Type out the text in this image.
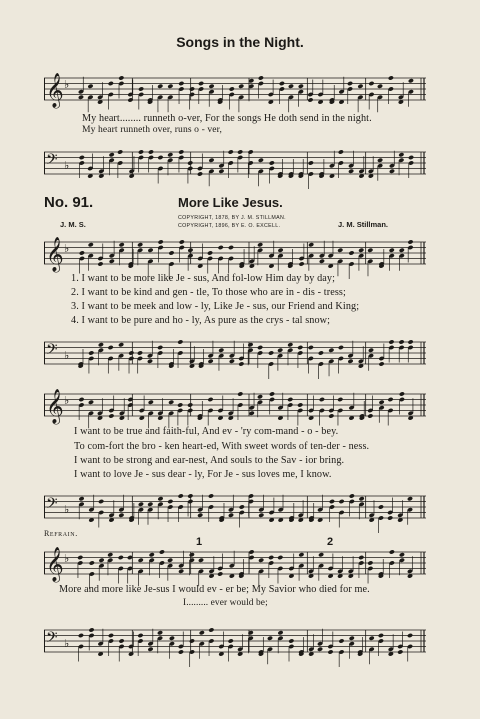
Songs in the Night.
𝄞 ♭
My heart........ runneth o-ver, For the songs He doth send in the night.
My heart runneth over, runs o - ver,
𝄢 ♭
No. 91.	More Like Jesus.
J. M. S.
COPYRIGHT, 1878, BY J. M. STILLMAN.
COPYRIGHT, 1896, BY E. O. EXCELL.	J. M. Stillman.
𝄞 ♭
1. I want to be more like Je - sus, And fol-low Him day by day;
2. I want to be kind and gen - tle, To those who are in - dis - tress;
3. I want to be meek and low - ly, Like Je - sus, our Friend and King;
4. I want to be pure and ho - ly, As pure as the crys - tal snow;
𝄢 ♭
𝄞 ♭
I want to be true and faith-ful, And ev - 'ry com-mand - o - bey.
To com-fort the bro - ken heart-ed, With sweet words of ten-der - ness.
I want to be strong and ear-nest, And souls to the Sav - ior bring.
I want to love Je - sus dear - ly, For Je - sus loves me, I know.
𝄢 ♭
Refrain.
1	2
𝄞 ♭
More and more like Je-sus I would ev - er be; My Savior who died for me.
I......... ever would be;
𝄢 ♭
